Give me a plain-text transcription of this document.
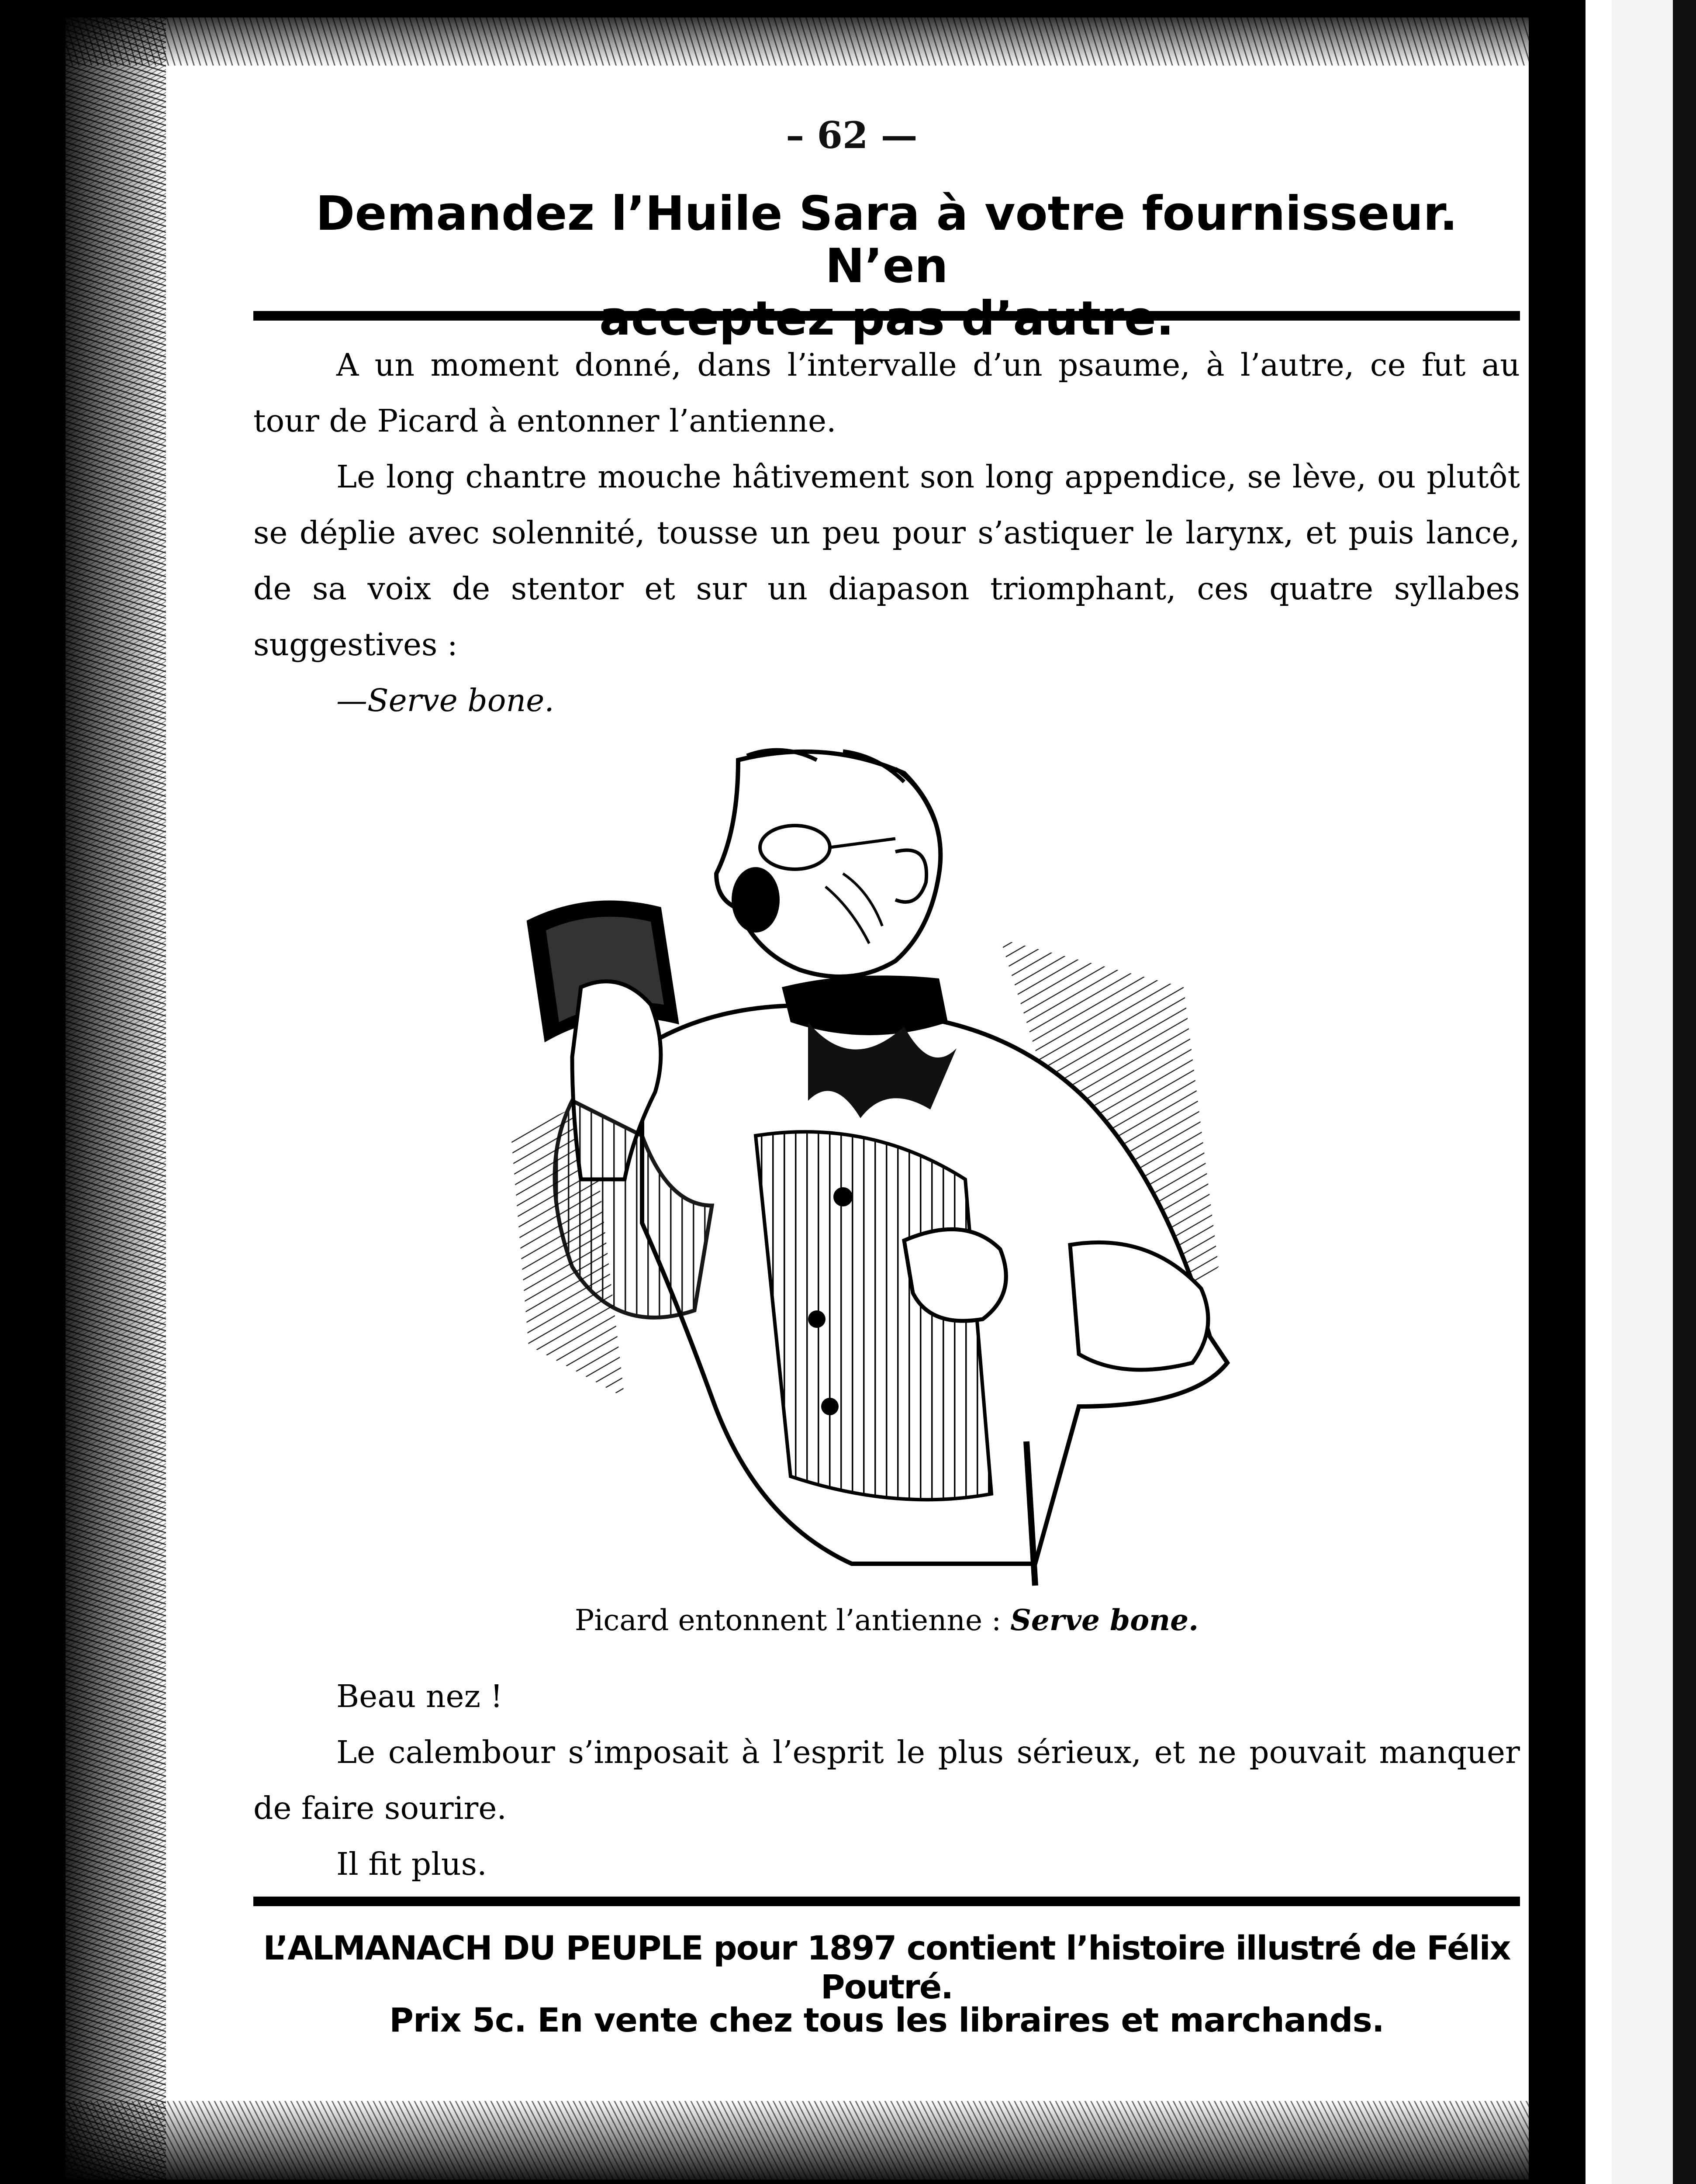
– 62 —
Demandez l’Huile Sara à votre fournisseur. N’en

A un moment donné, dans l’intervalle d’un psaume, à l’autre, ce fut au tour de Picard à entonner l’antienne.

Le long chantre mouche hâtivement son long appendice, se lève, ou plutôt se déplie avec solennité, tousse un peu pour s’astiquer le larynx, et puis lance, de sa voix de stentor et sur un diapason triomphant, ces quatre syllabes suggestives :

—Serve bone.

Picard entonnent l’antienne : Serve bone.

Beau nez !

Le calembour s’imposait à l’esprit le plus sérieux, et ne pouvait manquer de faire sourire.

Il fit plus.

L’ALMANACH DU PEUPLE pour 1897 contient l’histoire illustré de Félix Poutré.
Prix 5c. En vente chez tous les libraires et marchands.
